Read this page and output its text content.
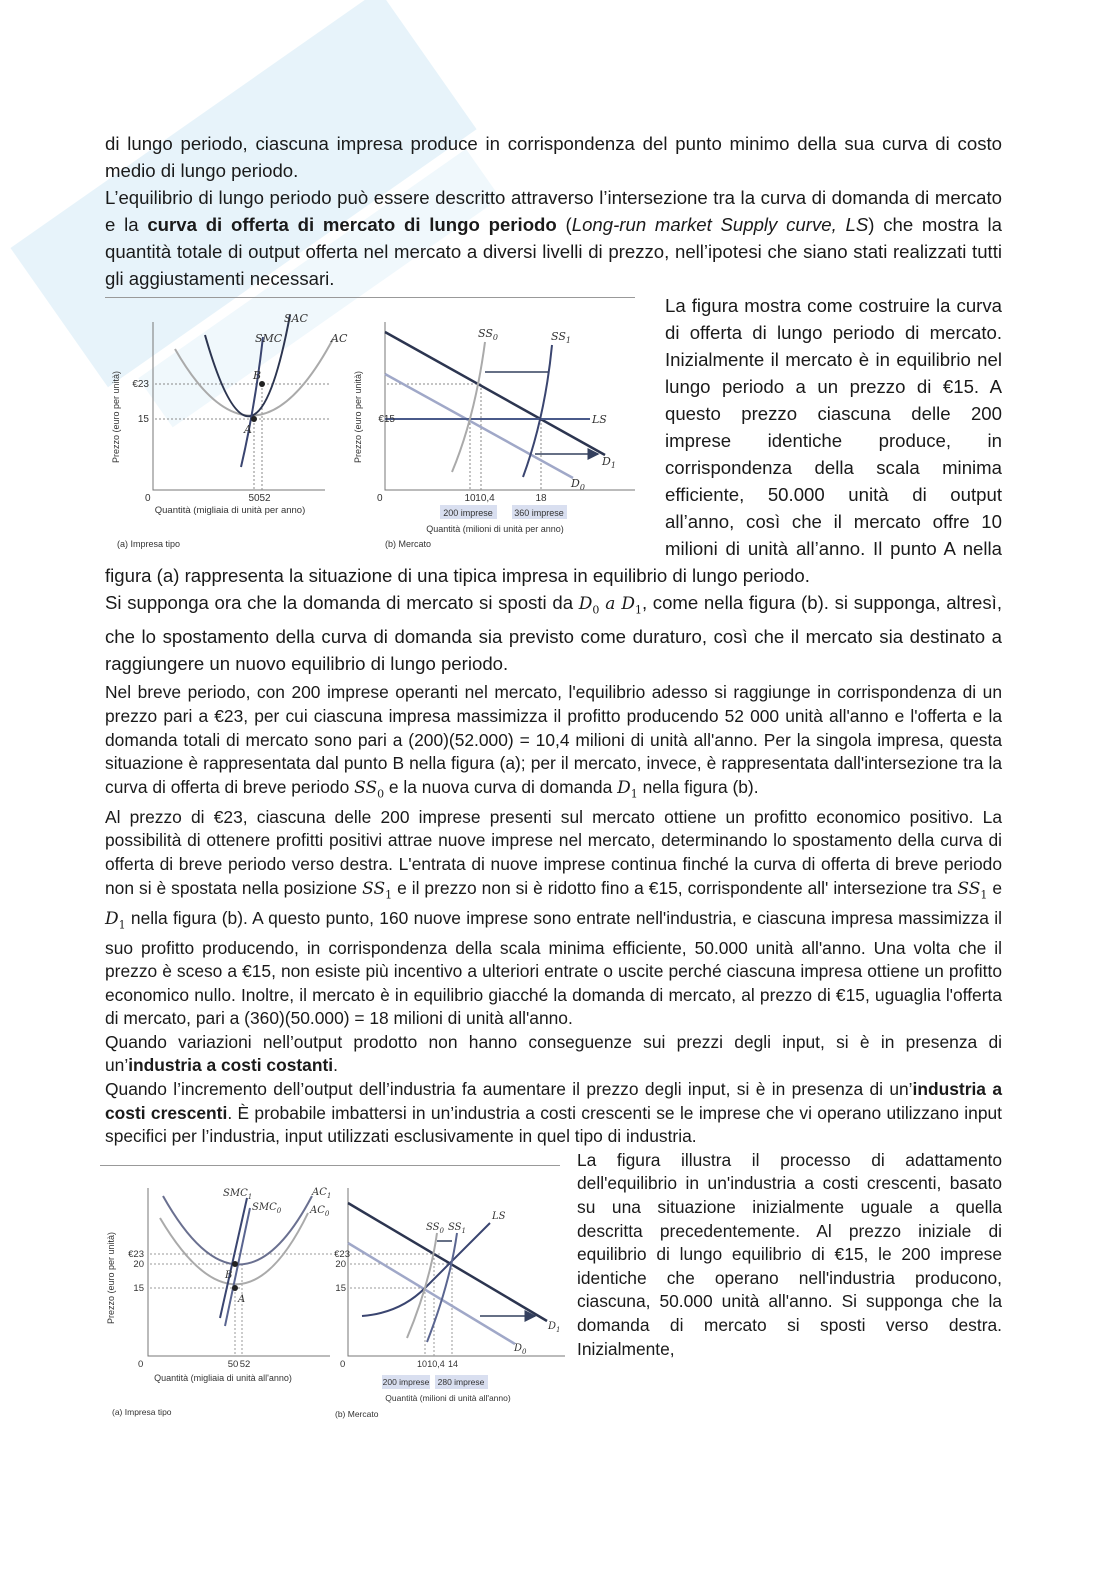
di lungo periodo, ciascuna impresa produce in corrispondenza del punto minimo della sua curva di costo medio di lungo periodo.

L’equilibrio di lungo periodo può essere descritto attraverso l’intersezione tra la curva di domanda di mercato e la curva di offerta di mercato di lungo periodo (Long-run market Supply curve, LS) che mostra la quantità totale di output offerta nel mercato a diversi livelli di prezzo, nell’ipotesi che siano stati realizzati tutti gli aggiustamenti necessari.

Prezzo (euro per unità) €23
15
0	50 52
SAC
SMC	AC
B
A
Quantità (migliaia di unità per anno)
(a) Impresa tipo
Prezzo (euro per unità) €15
0	10 10,4	18
$SS_0$	$SS_1$
LS
$D_1$
$D_0$
200 imprese 360 imprese
Quantità (milioni di unità per anno)
(b) Mercato

La figura mostra come costruire la curva di offerta di lungo periodo di mercato. Inizialmente il mercato è in equilibrio nel lungo periodo a un prezzo di €15. A questo prezzo ciascuna delle 200 imprese identiche produce, in corrispondenza della scala minima efficiente, 50.000 unità di output all’anno, così che il mercato offre 10 milioni di unità all’anno. Il punto A nella figura (a) rappresenta la situazione di una tipica impresa in equilibrio di lungo periodo.

Si supponga ora che la domanda di mercato si sposti da $D_0$ a $D_1$, come nella figura (b). si supponga, altresì, che lo spostamento della curva di domanda sia previsto come duraturo, così che il mercato sia destinato a raggiungere un nuovo equilibrio di lungo periodo.

Nel breve periodo, con 200 imprese operanti nel mercato, l'equilibrio adesso si raggiunge in corrispondenza di un prezzo pari a €23, per cui ciascuna impresa massimizza il profitto producendo 52 000 unità all'anno e l'offerta e la domanda totali di mercato sono pari a (200)(52.000) = 10,4 milioni di unità all'anno. Per la singola impresa, questa situazione è rappresentata dal punto B nella figura (a); per il mercato, invece, è rappresentata dall'intersezione tra la curva di offerta di breve periodo $SS_0$ e la nuova curva di domanda $D_1$ nella figura (b).

Al prezzo di €23, ciascuna delle 200 imprese presenti sul mercato ottiene un profitto economico positivo. La possibilità di ottenere profitti positivi attrae nuove imprese nel mercato, determinando lo spostamento della curva di offerta di breve periodo verso destra. L'entrata di nuove imprese continua finché la curva di offerta di breve periodo non si è spostata nella posizione $SS_1$ e il prezzo non si è ridotto fino a €15, corrispondente all' intersezione tra $SS_1$ e $D_1$ nella figura (b). A questo punto, 160 nuove imprese sono entrate nell'industria, e ciascuna impresa massimizza il suo profitto producendo, in corrispondenza della scala minima efficiente, 50.000 unità all'anno. Una volta che il prezzo è sceso a €15, non esiste più incentivo a ulteriori entrate o uscite perché ciascuna impresa ottiene un profitto economico nullo. Inoltre, il mercato è in equilibrio giacché la domanda di mercato, al prezzo di €15, uguaglia l'offerta di mercato, pari a (360)(50.000) = 18 milioni di unità all'anno.

Quando variazioni nell’output prodotto non hanno conseguenze sui prezzi degli input, si è in presenza di un’industria a costi costanti.

Quando l’incremento dell’output dell’industria fa aumentare il prezzo degli input, si è in presenza di un’industria a costi crescenti. È probabile imbattersi in un’industria a costi crescenti se le imprese che vi operano utilizzano input specifici per l’industria, input utilizzati esclusivamente in quel tipo di industria.

Prezzo (euro per unità) €23
20
15
0	50 52
$SMC_1$
$SMC_0$
$AC_1$
$AC_0$
B
A
Quantità (migliaia di unità all'anno)
(a) Impresa tipo
€23
20
15
0	10 10,4 14
$SS_0$ $SS_1$
LS
$D_1$
$D_0$
200 imprese 280 imprese
Quantità (milioni di unità all'anno)
(b) Mercato

La figura illustra il processo di adattamento dell'equilibrio in un'industria a costi crescenti, basato su una situazione inizialmente uguale a quella descritta precedentemente. Al prezzo iniziale di equilibrio di lungo equilibrio di €15, le 200 imprese identiche che operano nell'industria producono, ciascuna, 50.000 unità all'anno. Si supponga che la domanda di mercato si sposti verso destra. Inizialmente,
